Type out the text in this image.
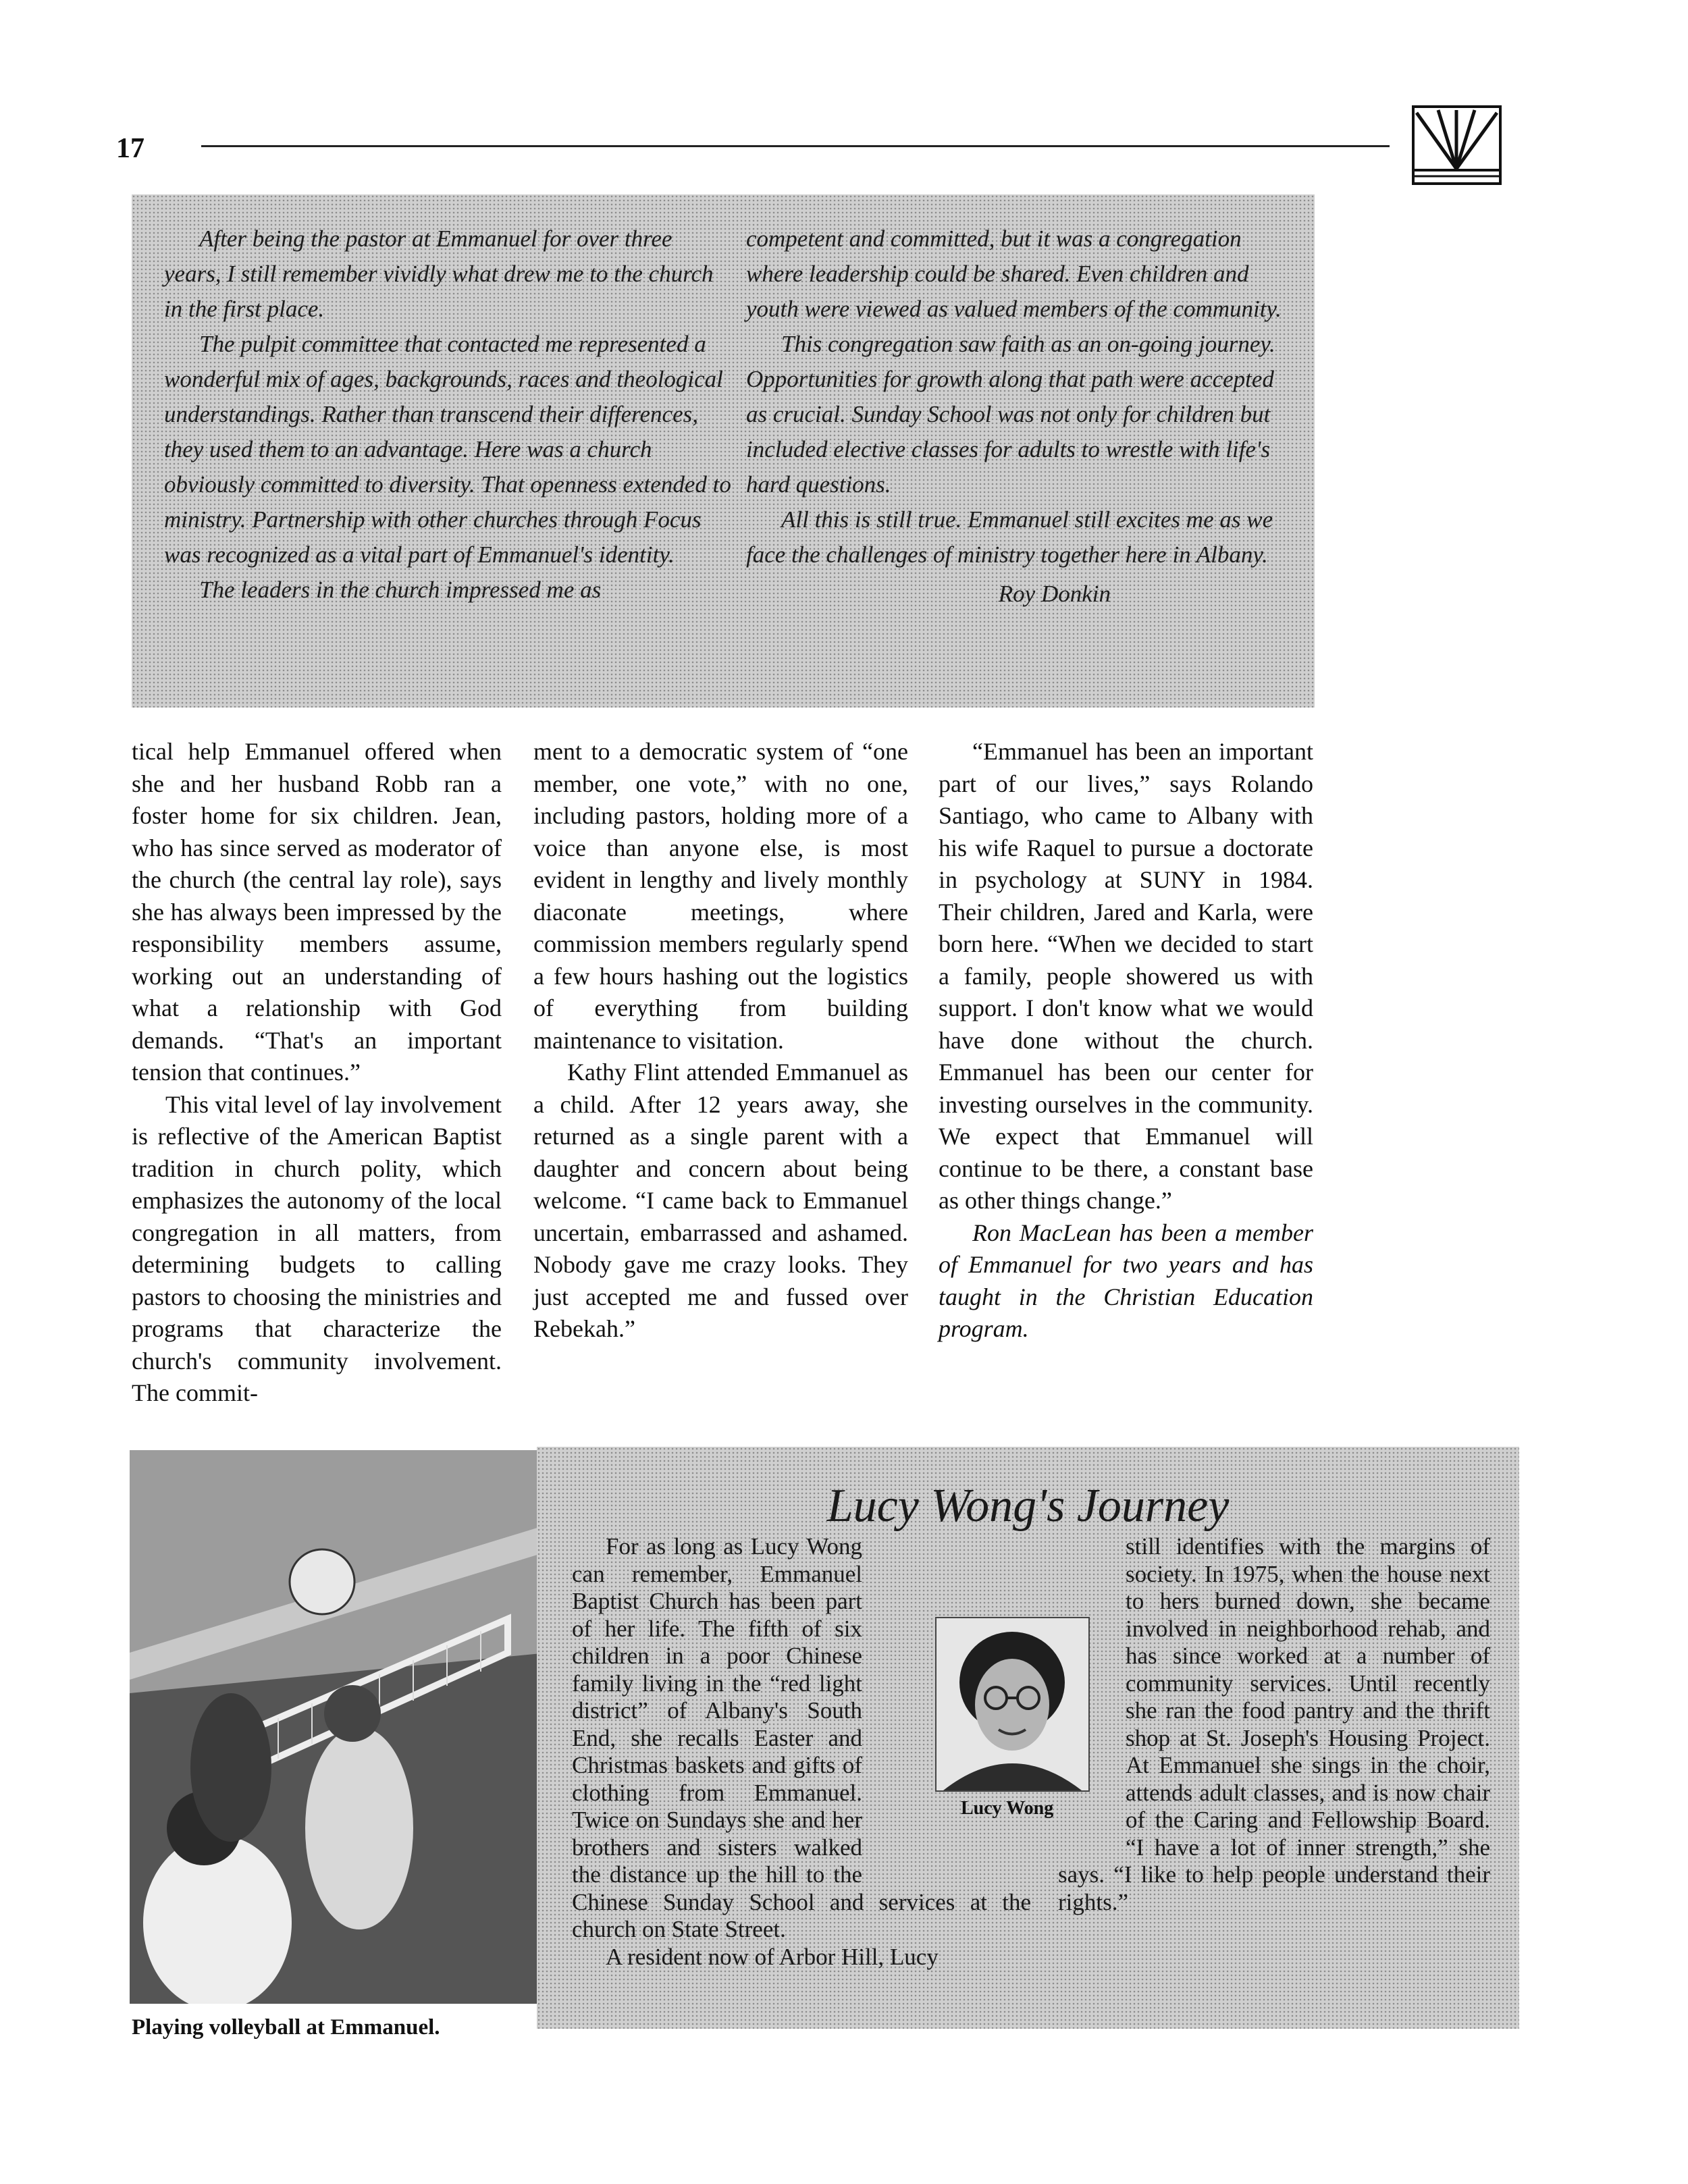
17

After being the pastor at Emmanuel for over three years, I still remember vividly what drew me to the church in the first place.

The pulpit committee that contacted me represented a wonderful mix of ages, backgrounds, races and theological understandings. Rather than transcend their differences, they used them to an advantage. Here was a church obviously committed to diversity. That openness extended to ministry. Partnership with other churches through Focus was recognized as a vital part of Emmanuel's identity.

The leaders in the church impressed me as

competent and committed, but it was a congregation where leadership could be shared. Even children and youth were viewed as valued members of the community.

This congregation saw faith as an on-going journey. Opportunities for growth along that path were accepted as crucial. Sunday School was not only for children but included elective classes for adults to wrestle with life's hard questions.

All this is still true. Emmanuel still excites me as we face the challenges of ministry together here in Albany.

Roy Donkin

tical help Emmanuel offered when she and her husband Robb ran a foster home for six children. Jean, who has since served as moderator of the church (the central lay role), says she has always been impressed by the responsibility members assume, working out an understanding of what a relationship with God demands. “That's an important tension that continues.”

This vital level of lay involvement is reflective of the American Baptist tradition in church polity, which emphasizes the autonomy of the local congregation in all matters, from determining budgets to calling pastors to choosing the ministries and programs that characterize the church's community involvement. The commit-

ment to a democratic system of “one member, one vote,” with no one, including pastors, holding more of a voice than anyone else, is most evident in lengthy and lively monthly diaconate meetings, where commission members regularly spend a few hours hashing out the logistics of everything from building maintenance to visitation.

Kathy Flint attended Emmanuel as a child. After 12 years away, she returned as a single parent with a daughter and concern about being welcome. “I came back to Emmanuel uncertain, embarrassed and ashamed. Nobody gave me crazy looks. They just accepted me and fussed over Rebekah.”

“Emmanuel has been an important part of our lives,” says Rolando Santiago, who came to Albany with his wife Raquel to pursue a doctorate in psychology at SUNY in 1984. Their children, Jared and Karla, were born here. “When we decided to start a family, people showered us with support. I don't know what we would have done without the church. Emmanuel has been our center for investing ourselves in the community. We expect that Emmanuel will continue to be there, a constant base as other things change.”

Ron MacLean has been a member of Emmanuel for two years and has taught in the Christian Education program.

Playing volleyball at Emmanuel.
Lucy Wong's Journey

For as long as Lucy Wong can remember, Emmanuel Baptist Church has been part of her life. The fifth of six children in a poor Chinese family living in the “red light district” of Albany's South End, she recalls Easter and Christmas baskets and gifts of clothing from Emmanuel. Twice on Sundays she and her brothers and sisters walked the distance up the hill to the Chinese Sunday School and services at the church on State Street.

A resident now of Arbor Hill, Lucy

still identifies with the margins of society. In 1975, when the house next to hers burned down, she became involved in neighborhood rehab, and has since worked at a number of community services. Until recently she ran the food pantry and the thrift shop at St. Joseph's Housing Project. At Emmanuel she sings in the choir, attends adult classes, and is now chair of the Caring and Fellowship Board. “I have a lot of inner strength,” she says. “I like to help people understand their rights.”

Lucy Wong
